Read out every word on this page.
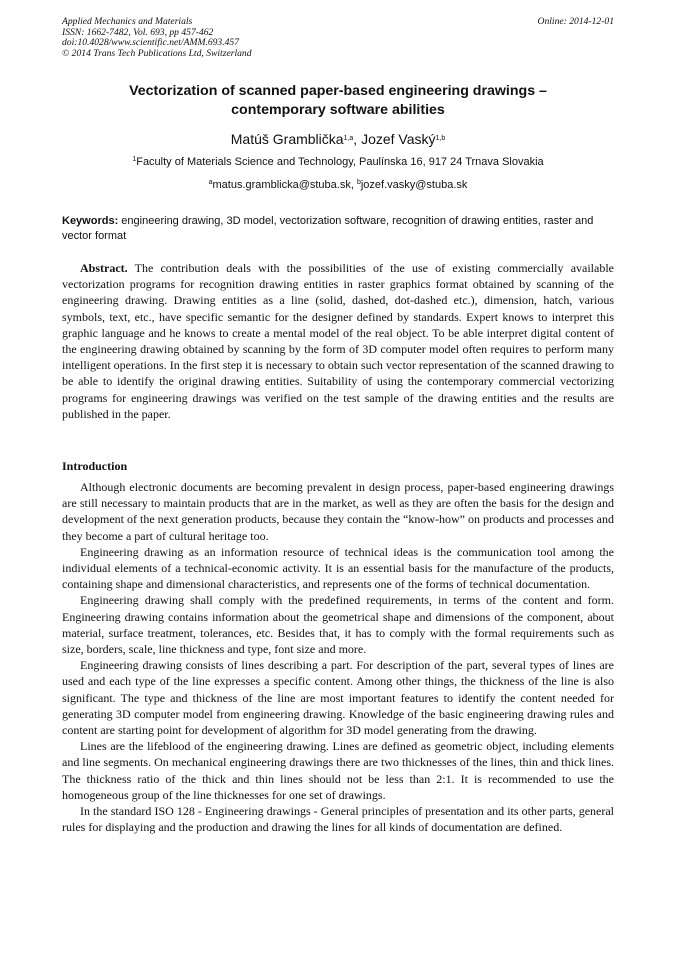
Applied Mechanics and Materials
ISSN: 1662-7482, Vol. 693, pp 457-462
doi:10.4028/www.scientific.net/AMM.693.457
© 2014 Trans Tech Publications Ltd, Switzerland
Online: 2014-12-01
Vectorization of scanned paper-based engineering drawings –
contemporary software abilities
Matúš Gramblička$^{1,a}$, Jozef Vaský$^{1,b}$
$^1$Faculty of Materials Science and Technology, Paulínska 16, 917 24 Trnava Slovakia
$^a$matus.gramblicka@stuba.sk, $^b$jozef.vasky@stuba.sk
Keywords: engineering drawing, 3D model, vectorization software, recognition of drawing entities, raster and vector format

Abstract. The contribution deals with the possibilities of the use of existing commercially available vectorization programs for recognition drawing entities in raster graphics format obtained by scanning of the engineering drawing. Drawing entities as a line (solid, dashed, dot-dashed etc.), dimension, hatch, various symbols, text, etc., have specific semantic for the designer defined by standards. Expert knows to interpret this graphic language and he knows to create a mental model of the real object. To be able interpret digital content of the engineering drawing obtained by scanning by the form of 3D computer model often requires to perform many intelligent operations. In the first step it is necessary to obtain such vector representation of the scanned drawing to be able to identify the original drawing entities. Suitability of using the contemporary commercial vectorizing programs for engineering drawings was verified on the test sample of the drawing entities and the results are published in the paper.

Introduction

Although electronic documents are becoming prevalent in design process, paper-based engineering drawings are still necessary to maintain products that are in the market, as well as they are often the basis for the design and development of the next generation products, because they contain the “know-how” on products and processes and they become a part of cultural heritage too.

Engineering drawing as an information resource of technical ideas is the communication tool among the individual elements of a technical-economic activity. It is an essential basis for the manufacture of the products, containing shape and dimensional characteristics, and represents one of the forms of technical documentation.

Engineering drawing shall comply with the predefined requirements, in terms of the content and form. Engineering drawing contains information about the geometrical shape and dimensions of the component, about material, surface treatment, tolerances, etc. Besides that, it has to comply with the formal requirements such as size, borders, scale, line thickness and type, font size and more.

Engineering drawing consists of lines describing a part. For description of the part, several types of lines are used and each type of the line expresses a specific content. Among other things, the thickness of the line is also significant. The type and thickness of the line are most important features to identify the content needed for generating 3D computer model from engineering drawing. Knowledge of the basic engineering drawing rules and content are starting point for development of algorithm for 3D model generating from the drawing.

Lines are the lifeblood of the engineering drawing. Lines are defined as geometric object, including elements and line segments. On mechanical engineering drawings there are two thicknesses of the lines, thin and thick lines. The thickness ratio of the thick and thin lines should not be less than 2:1. It is recommended to use the homogeneous group of the line thicknesses for one set of drawings.

In the standard ISO 128 - Engineering drawings - General principles of presentation and its other parts, general rules for displaying and the production and drawing the lines for all kinds of documentation are defined.
